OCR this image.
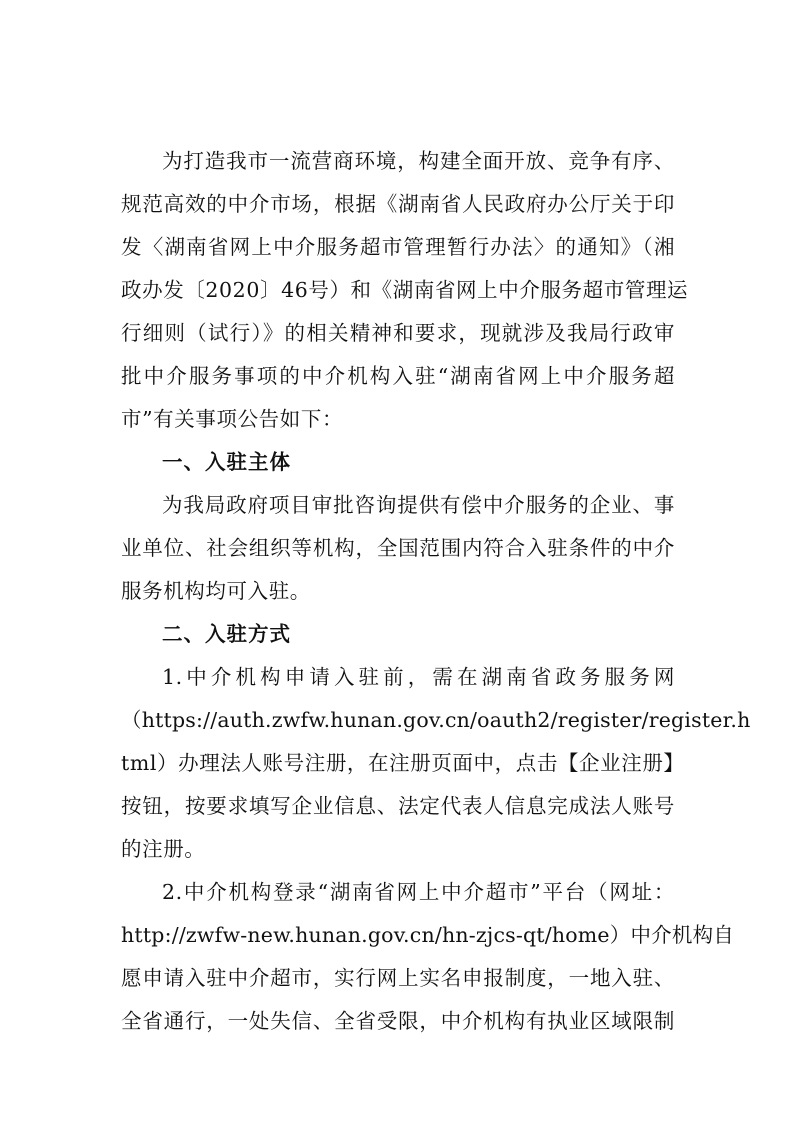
为打造我市一流营商环境，构建全面开放、竞争有序、
规范高效的中介市场，根据《湖南省人民政府办公厅关于印
发〈湖南省网上中介服务超市管理暂行办法〉的通知》（湘
政办发〔2020〕46号）和《湖南省网上中介服务超市管理运
行细则（试行）》的相关精神和要求，现就涉及我局行政审
批中介服务事项的中介机构入驻“湖南省网上中介服务超
市”有关事项公告如下：
一、入驻主体
为我局政府项目审批咨询提供有偿中介服务的企业、事
业单位、社会组织等机构，全国范围内符合入驻条件的中介
服务机构均可入驻。
二、入驻方式
1.中介机构申请入驻前，需在湖南省政务服务网
（https://auth.zwfw.hunan.gov.cn/oauth2/register/register.h
tml）办理法人账号注册，在注册页面中，点击【企业注册】
按钮，按要求填写企业信息、法定代表人信息完成法人账号
的注册。
2.中介机构登录“湖南省网上中介超市”平台（网址：
http://zwfw-new.hunan.gov.cn/hn-zjcs-qt/home）中介机构自
愿申请入驻中介超市，实行网上实名申报制度，一地入驻、
全省通行，一处失信、全省受限，中介机构有执业区域限制
